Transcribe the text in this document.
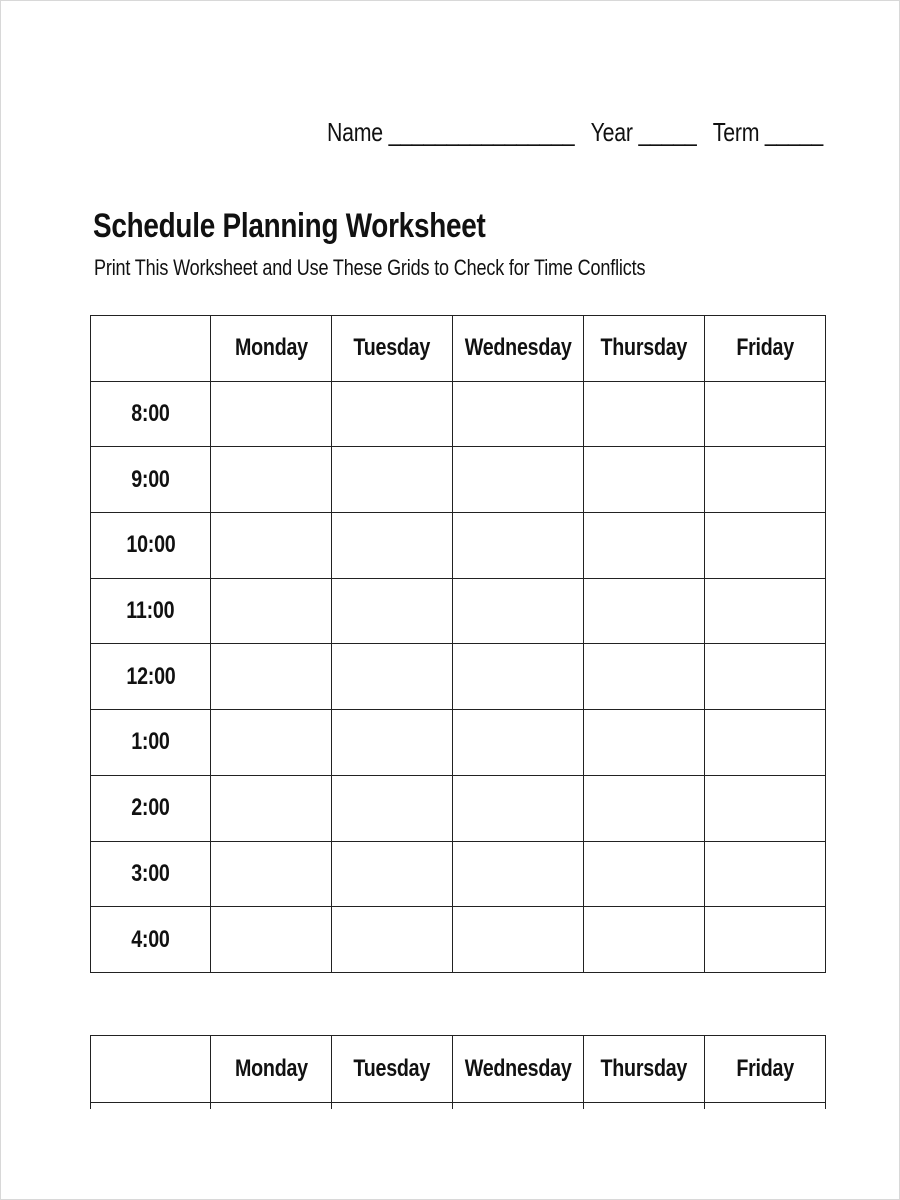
Name ________________ Year _____ Term _____
Schedule Planning Worksheet
Print This Worksheet and Use These Grids to Check for Time Conflicts
	Monday	Tuesday	Wednesday	Thursday	Friday
8:00					
9:00					
10:00					
11:00					
12:00					
1:00					
2:00					
3:00					
4:00					
	Monday	Tuesday	Wednesday	Thursday	Friday
